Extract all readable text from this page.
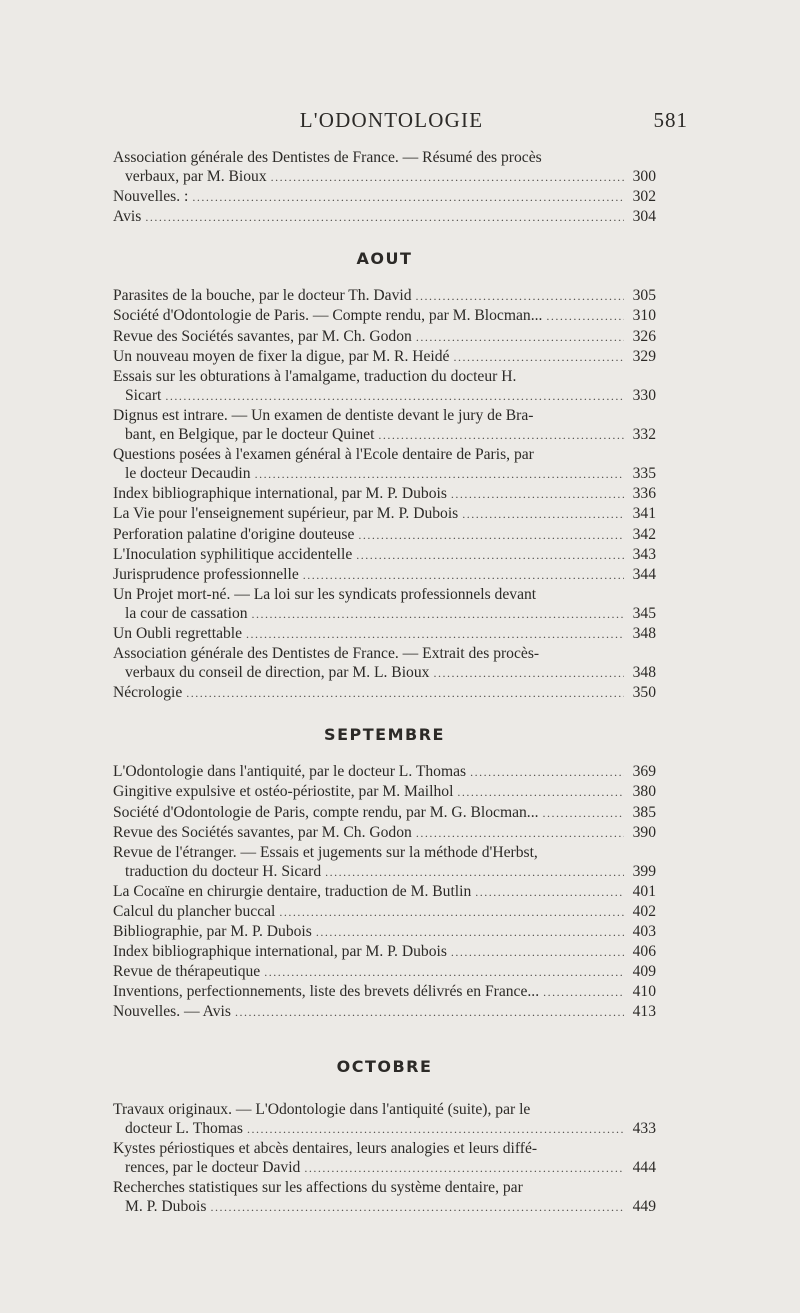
L'ODONTOLOGIE	581
Association générale des Dentistes de France. — Résumé des procès
verbaux, par M. Bioux .....	300
Nouvelles. : .....	302
Avis .....	304
AOUT
Parasites de la bouche, par le docteur Th. David .....	305
Société d'Odontologie de Paris. — Compte rendu, par M. Blocman... .....	310
Revue des Sociétés savantes, par M. Ch. Godon .....	326
Un nouveau moyen de fixer la digue, par M. R. Heidé .....	329
Essais sur les obturations à l'amalgame, traduction du docteur H.
Sicart .....	330
Dignus est intrare. — Un examen de dentiste devant le jury de Bra-
bant, en Belgique, par le docteur Quinet .....	332
Questions posées à l'examen général à l'Ecole dentaire de Paris, par
le docteur Decaudin .....	335
Index bibliographique international, par M. P. Dubois .....	336
La Vie pour l'enseignement supérieur, par M. P. Dubois .....	341
Perforation palatine d'origine douteuse .....	342
L'Inoculation syphilitique accidentelle .....	343
Jurisprudence professionnelle .....	344
Un Projet mort-né. — La loi sur les syndicats professionnels devant
la cour de cassation .....	345
Un Oubli regrettable .....	348
Association générale des Dentistes de France. — Extrait des procès-
verbaux du conseil de direction, par M. L. Bioux .....	348
Nécrologie .....	350
SEPTEMBRE
L'Odontologie dans l'antiquité, par le docteur L. Thomas .....	369
Gingitive expulsive et ostéo-périostite, par M. Mailhol .....	380
Société d'Odontologie de Paris, compte rendu, par M. G. Blocman... .....	385
Revue des Sociétés savantes, par M. Ch. Godon .....	390
Revue de l'étranger. — Essais et jugements sur la méthode d'Herbst,
traduction du docteur H. Sicard .....	399
La Cocaïne en chirurgie dentaire, traduction de M. Butlin .....	401
Calcul du plancher buccal .....	402
Bibliographie, par M. P. Dubois .....	403
Index bibliographique international, par M. P. Dubois .....	406
Revue de thérapeutique .....	409
Inventions, perfectionnements, liste des brevets délivrés en France... .....	410
Nouvelles. — Avis .....	413
OCTOBRE
Travaux originaux. — L'Odontologie dans l'antiquité (suite), par le
docteur L. Thomas .....	433
Kystes périostiques et abcès dentaires, leurs analogies et leurs diffé-
rences, par le docteur David .....	444
Recherches statistiques sur les affections du système dentaire, par
M. P. Dubois .....	449
